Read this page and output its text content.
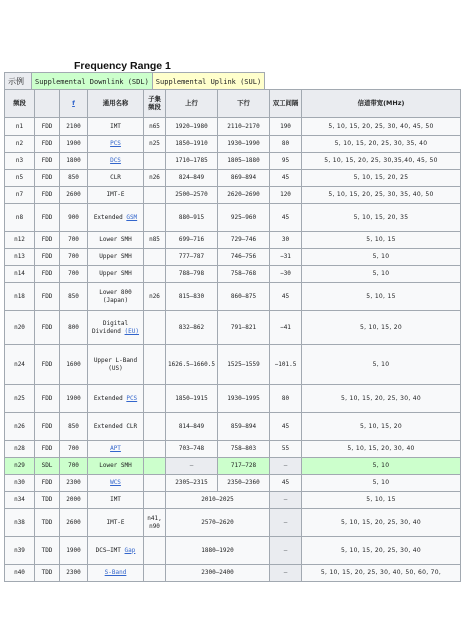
Frequency Range 1
示例	Supplemental Downlink (SDL)	Supplemental Uplink (SUL)
频段		f	通用名称	子集频段	上行	下行	双工间隔	信道带宽(MHz)
n1	FDD	2100	IMT	n65	1920–1980	2110–2170	190	5, 10, 15, 20, 25, 30, 40, 45, 50
n2	FDD	1900	PCS	n25	1850–1910	1930–1990	80	5, 10, 15, 20, 25, 30, 35, 40
n3	FDD	1800	DCS		1710–1785	1805–1880	95	5, 10, 15, 20, 25, 30,35,40, 45, 50
n5	FDD	850	CLR	n26	824–849	869–894	45	5, 10, 15, 20, 25
n7	FDD	2600	IMT-E		2500–2570	2620–2690	120	5, 10, 15, 20, 25, 30, 35, 40, 50
n8	FDD	900	Extended GSM		880–915	925–960	45	5, 10, 15, 20, 35
n12	FDD	700	Lower SMH	n85	699–716	729–746	30	5, 10, 15
n13	FDD	700	Upper SMH		777–787	746–756	−31	5, 10
n14	FDD	700	Upper SMH		788–798	758–768	−30	5, 10
n18	FDD	850	Lower 800 (Japan)	n26	815–830	860–875	45	5, 10, 15
n20	FDD	800	Digital Dividend (EU)		832–862	791–821	−41	5, 10, 15, 20
n24	FDD	1600	Upper L-Band (US)		1626.5–1660.5	1525–1559	−101.5	5, 10
n25	FDD	1900	Extended PCS		1850–1915	1930–1995	80	5, 10, 15, 20, 25, 30, 40
n26	FDD	850	Extended CLR		814–849	859–894	45	5, 10, 15, 20
n28	FDD	700	APT		703–748	758–803	55	5, 10, 15, 20, 30, 40
n29	SDL	700	Lower SMH		—	717–728	—	5, 10
n30	FDD	2300	WCS		2305–2315	2350–2360	45	5, 10
n34	TDD	2000	IMT		2010–2025		—	5, 10, 15
n38	TDD	2600	IMT-E	n41, n90	2570–2620		—	5, 10, 15, 20, 25, 30, 40
n39	TDD	1900	DCS–IMT Gap		1880–1920		—	5, 10, 15, 20, 25, 30, 40
n40	TDD	2300	S-Band		2300–2400		—	5, 10, 15, 20, 25, 30, 40, 50, 60, 70,
